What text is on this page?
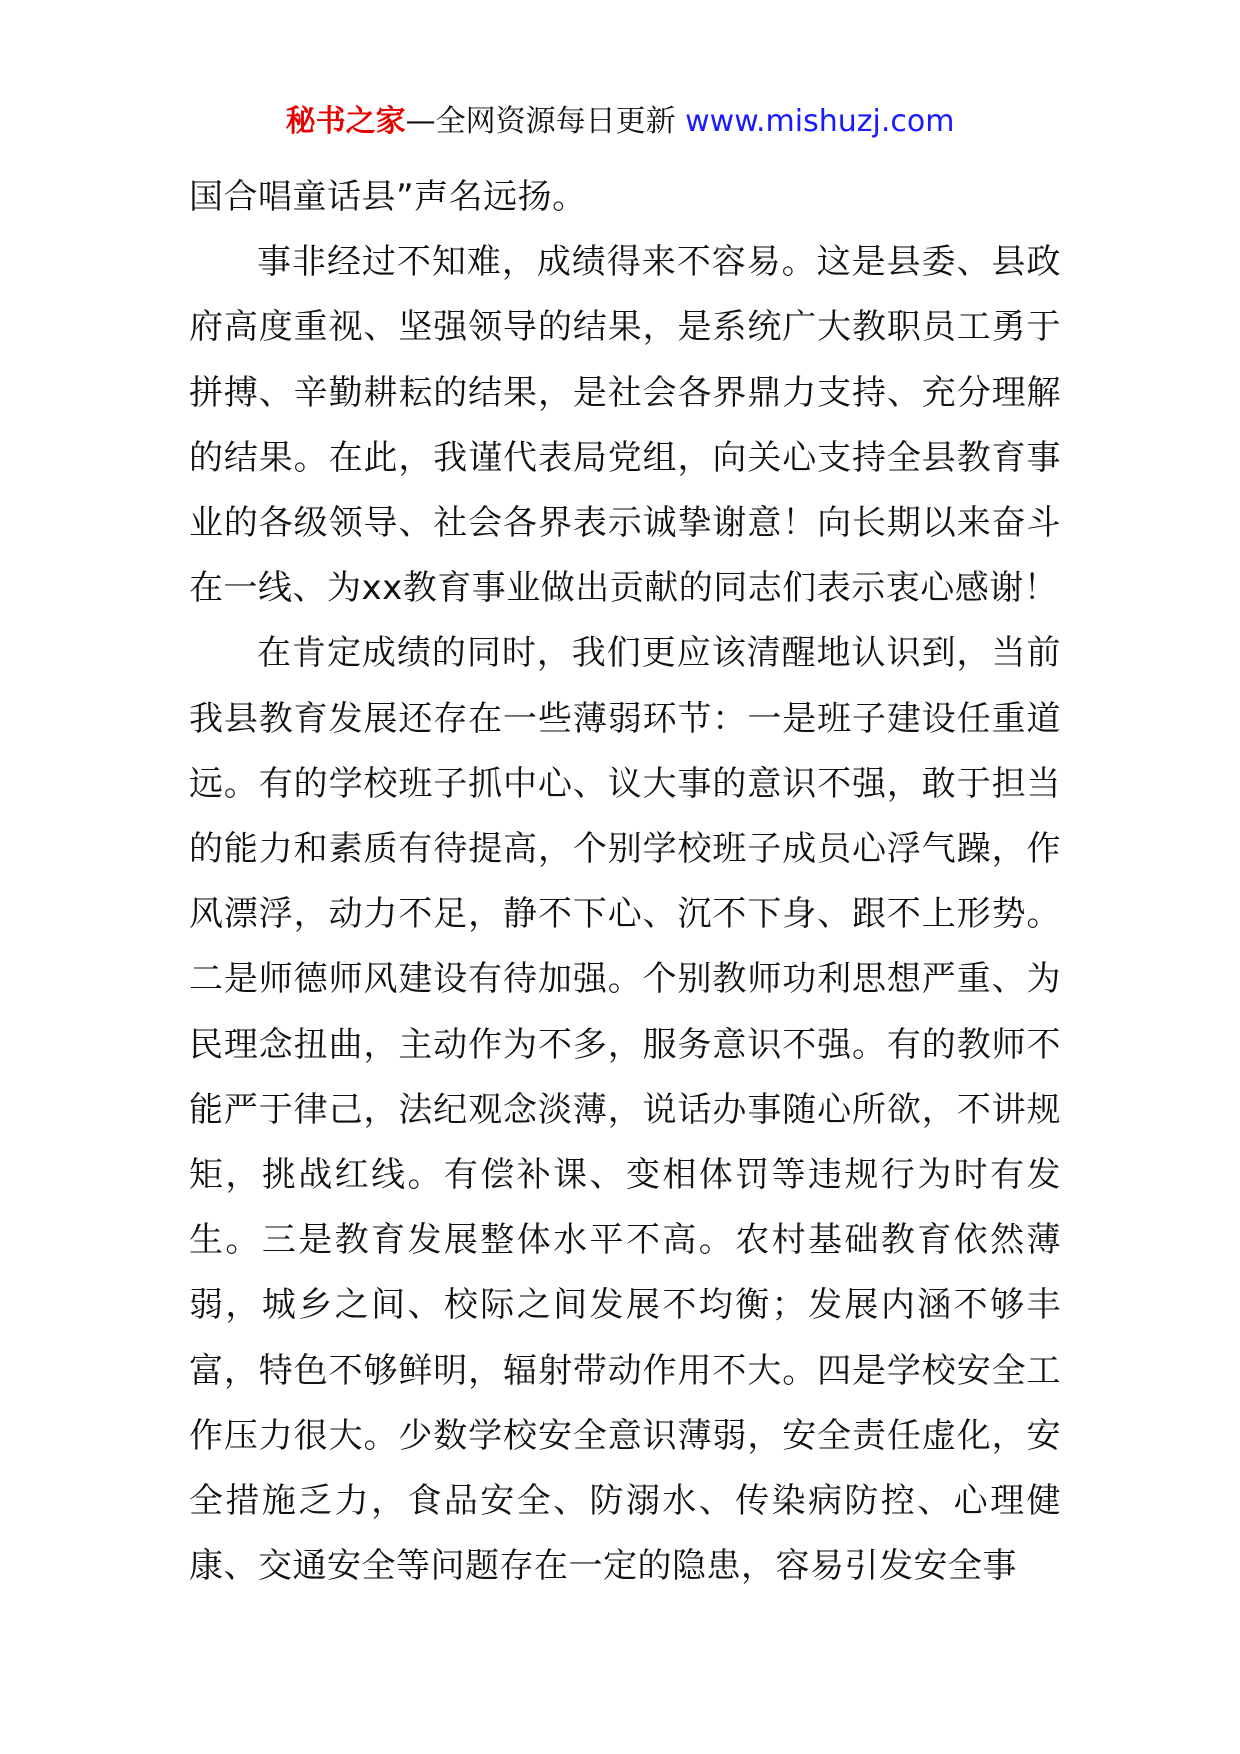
秘书之家—全网资源每日更新 www.mishuzj.com

国合唱童话县”声名远扬。

事非经过不知难，成绩得来不容易。这是县委、县政府高度重视、坚强领导的结果，是系统广大教职员工勇于拼搏、辛勤耕耘的结果，是社会各界鼎力支持、充分理解的结果。在此，我谨代表局党组，向关心支持全县教育事业的各级领导、社会各界表示诚挚谢意！向长期以来奋斗在一线、为xx教育事业做出贡献的同志们表示衷心感谢！

在肯定成绩的同时，我们更应该清醒地认识到，当前我县教育发展还存在一些薄弱环节：一是班子建设任重道远。有的学校班子抓中心、议大事的意识不强，敢于担当的能力和素质有待提高，个别学校班子成员心浮气躁，作风漂浮，动力不足，静不下心、沉不下身、跟不上形势。二是师德师风建设有待加强。个别教师功利思想严重、为民理念扭曲，主动作为不多，服务意识不强。有的教师不能严于律己，法纪观念淡薄，说话办事随心所欲，不讲规矩，挑战红线。有偿补课、变相体罚等违规行为时有发生。三是教育发展整体水平不高。农村基础教育依然薄弱，城乡之间、校际之间发展不均衡；发展内涵不够丰富，特色不够鲜明，辐射带动作用不大。四是学校安全工作压力很大。少数学校安全意识薄弱，安全责任虚化，安全措施乏力，食品安全、防溺水、传染病防控、心理健康、交通安全等问题存在一定的隐患，容易引发安全事
